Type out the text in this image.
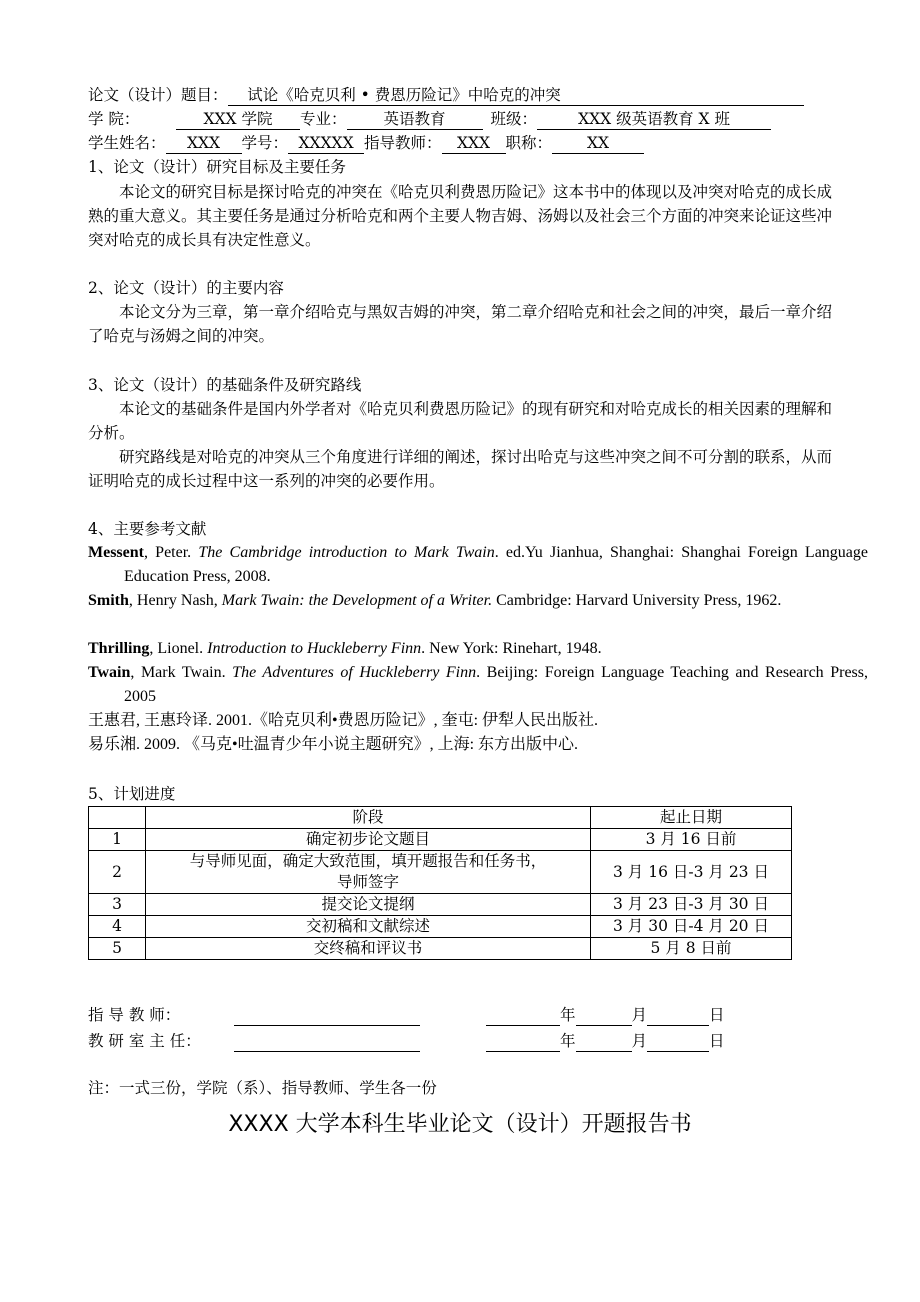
论文（设计）题目： 试论《哈克贝利 • 费恩历险记》中哈克的冲突
学 院：	XXX 学院 专业： 英语教育	班级：	XXX 级英语教育 X 班
学生姓名： XXX 学号： XXXXX 指导教师： XXX 职称： XX
1、论文（设计）研究目标及主要任务
本论文的研究目标是探讨哈克的冲突在《哈克贝利费恩历险记》这本书中的体现以及冲突对哈克的成长成熟的重大意义。其主要任务是通过分析哈克和两个主要人物吉姆、汤姆以及社会三个方面的冲突来论证这些冲突对哈克的成长具有决定性意义。
2、论文（设计）的主要内容
本论文分为三章，第一章介绍哈克与黑奴吉姆的冲突，第二章介绍哈克和社会之间的冲突，最后一章介绍了哈克与汤姆之间的冲突。
3、论文（设计）的基础条件及研究路线
本论文的基础条件是国内外学者对《哈克贝利费恩历险记》的现有研究和对哈克成长的相关因素的理解和分析。
研究路线是对哈克的冲突从三个角度进行详细的阐述，探讨出哈克与这些冲突之间不可分割的联系，从而证明哈克的成长过程中这一系列的冲突的必要作用。
4、主要参考文献
Messent, Peter. The Cambridge introduction to Mark Twain. ed.Yu Jianhua, Shanghai: Shanghai Foreign Language Education Press, 2008.
Smith, Henry Nash, Mark Twain: the Development of a Writer. Cambridge: Harvard University Press, 1962.
Thrilling, Lionel. Introduction to Huckleberry Finn. New York: Rinehart, 1948.
Twain, Mark Twain. The Adventures of Huckleberry Finn. Beijing: Foreign Language Teaching and Research Press, 2005
王惠君, 王惠玲译. 2001.《哈克贝利•费恩历险记》, 奎屯: 伊犁人民出版社.
易乐湘. 2009. 《马克•吐温青少年小说主题研究》, 上海: 东方出版中心.
5、计划进度
	阶段	起止日期
1	确定初步论文题目	3 月 16 日前
2	与导师见面，确定大致范围，填开题报告和任务书，导师签字	3 月 16 日-3 月 23 日
3	提交论文提纲	3 月 23 日-3 月 30 日
4	交初稿和文献综述	3 月 30 日-4 月 20 日
5	交终稿和评议书	5 月 8 日前
指 导 教 师：	年	月	日
教 研 室 主 任：	年	月	日
注：一式三份，学院（系）、指导教师、学生各一份
XXXX 大学本科生毕业论文（设计）开题报告书
